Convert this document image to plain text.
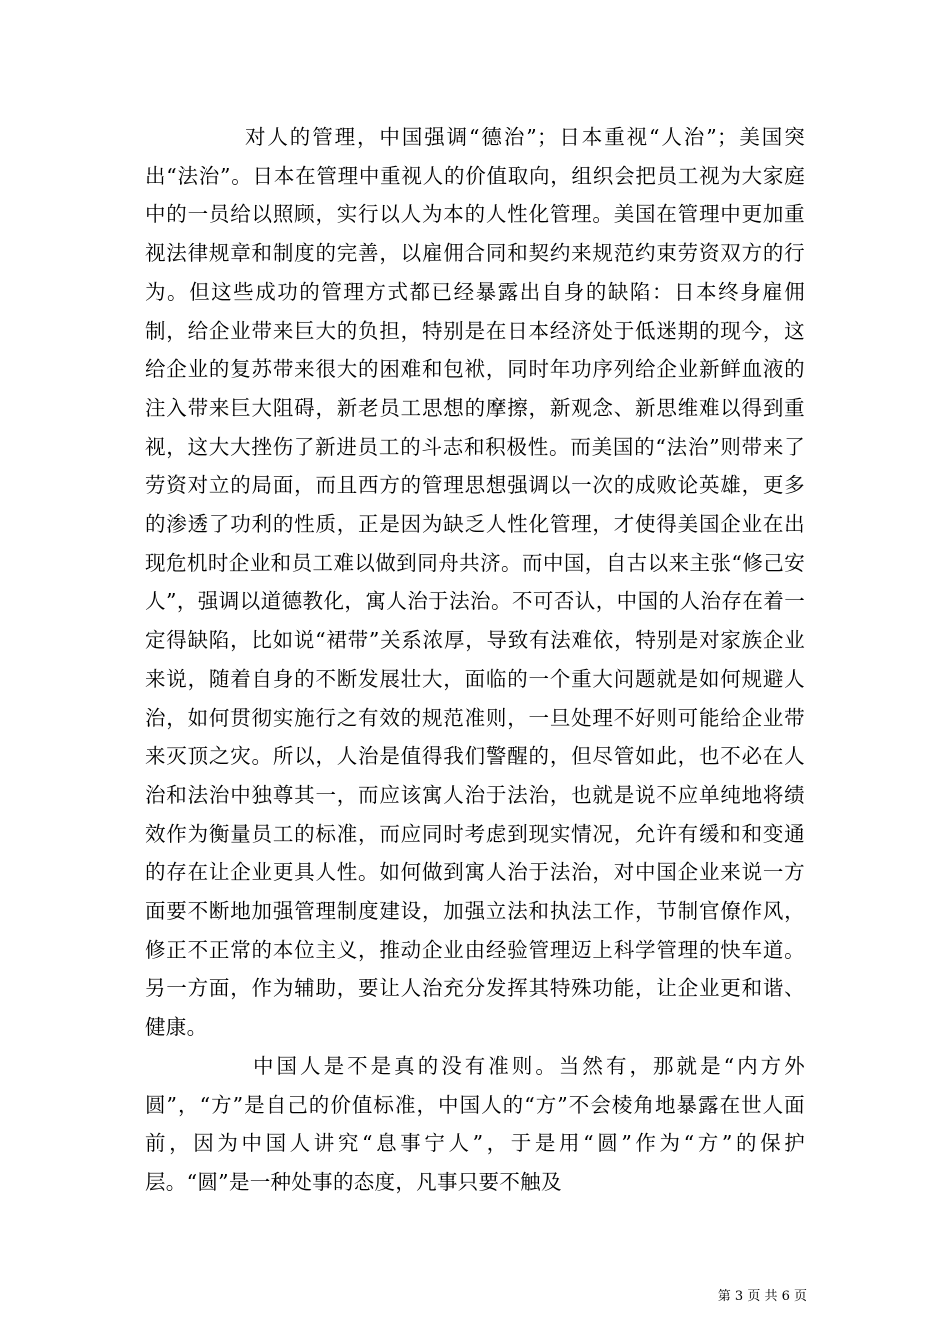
对人的管理，中国强调“德治”；日本重视“人治”；美国突出“法治”。日本在管理中重视人的价值取向，组织会把员工视为大家庭中的一员给以照顾，实行以人为本的人性化管理。美国在管理中更加重视法律规章和制度的完善，以雇佣合同和契约来规范约束劳资双方的行为。但这些成功的管理方式都已经暴露出自身的缺陷：日本终身雇佣制，给企业带来巨大的负担，特别是在日本经济处于低迷期的现今，这给企业的复苏带来很大的困难和包袱，同时年功序列给企业新鲜血液的注入带来巨大阻碍，新老员工思想的摩擦，新观念、新思维难以得到重视，这大大挫伤了新进员工的斗志和积极性。而美国的“法治”则带来了劳资对立的局面，而且西方的管理思想强调以一次的成败论英雄，更多的渗透了功利的性质，正是因为缺乏人性化管理，才使得美国企业在出现危机时企业和员工难以做到同舟共济。而中国，自古以来主张“修己安人”，强调以道德教化，寓人治于法治。不可否认，中国的人治存在着一定得缺陷，比如说“裙带”关系浓厚，导致有法难依，特别是对家族企业来说，随着自身的不断发展壮大，面临的一个重大问题就是如何规避人治，如何贯彻实施行之有效的规范准则，一旦处理不好则可能给企业带来灭顶之灾。所以，人治是值得我们警醒的，但尽管如此，也不必在人治和法治中独尊其一，而应该寓人治于法治，也就是说不应单纯地将绩效作为衡量员工的标准，而应同时考虑到现实情况，允许有缓和和变通的存在让企业更具人性。如何做到寓人治于法治，对中国企业来说一方面要不断地加强管理制度建设，加强立法和执法工作，节制官僚作风，修正不正常的本位主义，推动企业由经验管理迈上科学管理的快车道。另一方面，作为辅助，要让人治充分发挥其特殊功能，让企业更和谐、健康。

中国人是不是真的没有准则。当然有，那就是“内方外圆”，“方”是自己的价值标准，中国人的“方”不会棱角地暴露在世人面前，因为中国人讲究“息事宁人”，于是用“圆”作为“方”的保护层。“圆”是一种处事的态度，凡事只要不触及

第 3 页 共 6 页
